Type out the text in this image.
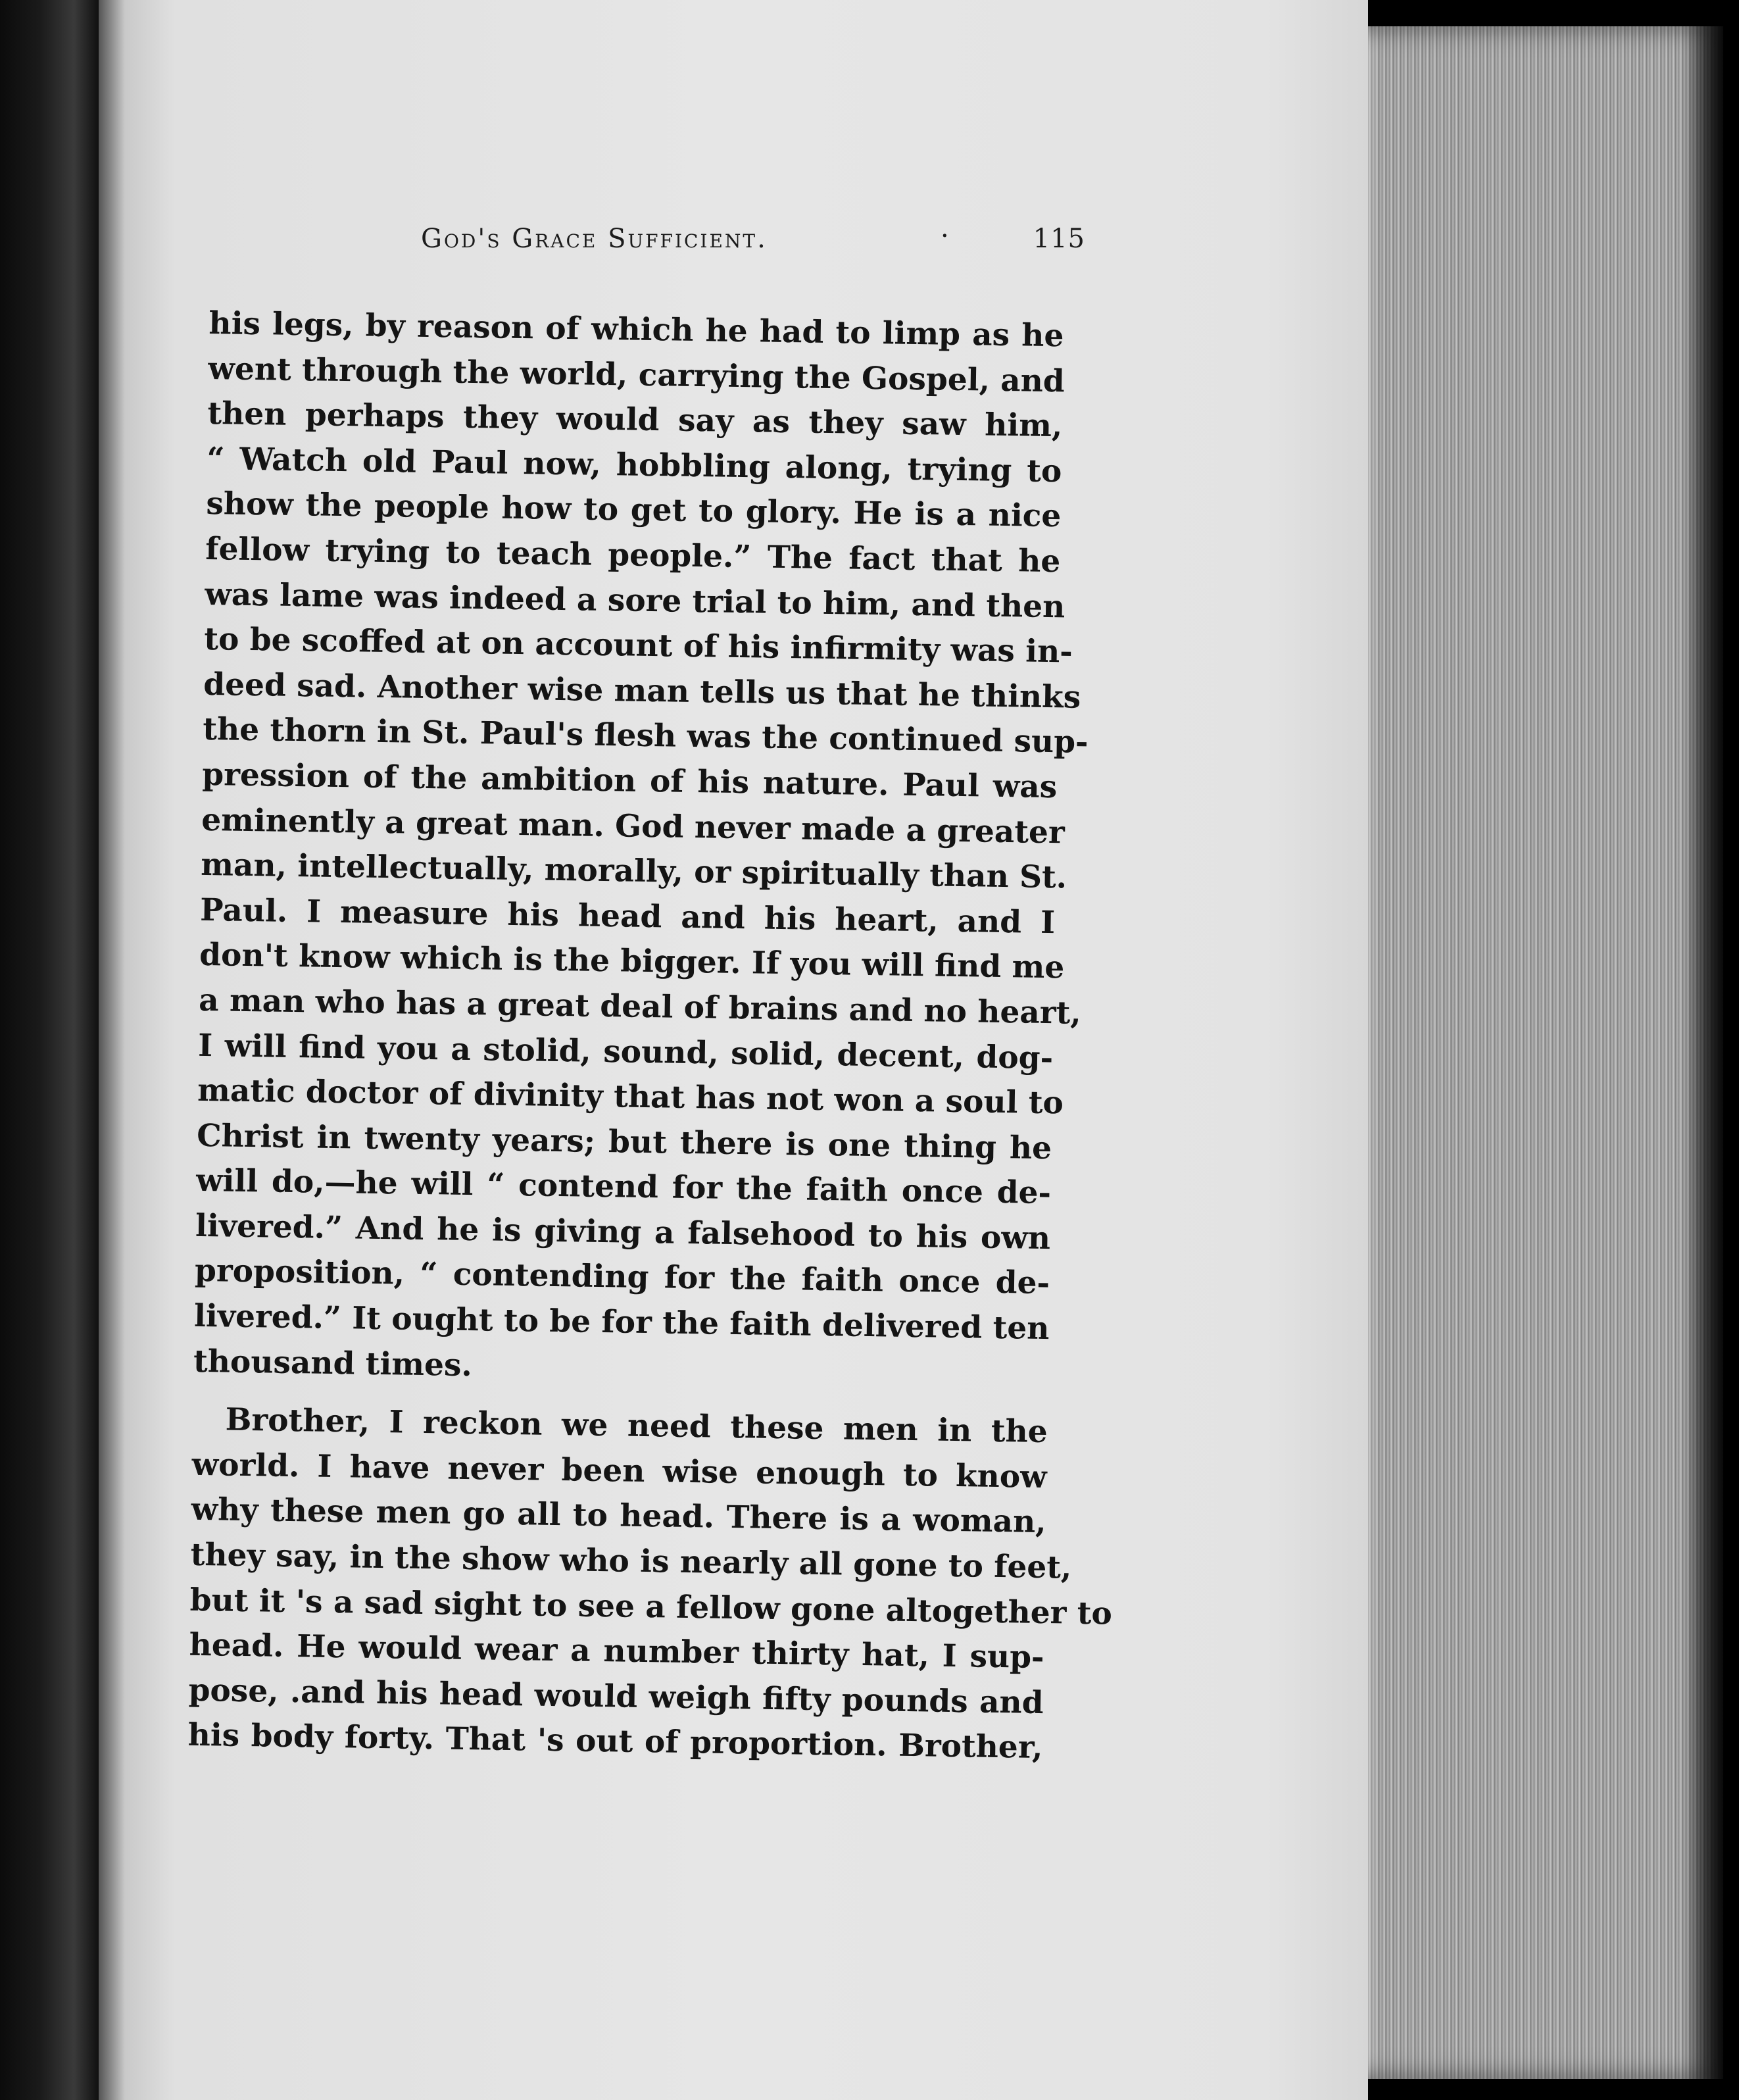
God's Grace Sufficient.	·	115
his legs, by reason of which he had to limp as he
went through the world, carrying the Gospel, and
then perhaps they would say as they saw him,
“ Watch old Paul now, hobbling along, trying to
show the people how to get to glory. He is a nice
fellow trying to teach people.” The fact that he
was lame was indeed a sore trial to him, and then
to be scoffed at on account of his infirmity was in-
deed sad. Another wise man tells us that he thinks
the thorn in St. Paul's flesh was the continued sup-
pression of the ambition of his nature. Paul was
eminently a great man. God never made a greater
man, intellectually, morally, or spiritually than St.
Paul. I measure his head and his heart, and I
don't know which is the bigger. If you will find me
a man who has a great deal of brains and no heart,
I will find you a stolid, sound, solid, decent, dog-
matic doctor of divinity that has not won a soul to
Christ in twenty years; but there is one thing he
will do,—he will “ contend for the faith once de-
livered.” And he is giving a falsehood to his own
proposition, “ contending for the faith once de-
livered.” It ought to be for the faith delivered ten
thousand times.
Brother, I reckon we need these men in the
world. I have never been wise enough to know
why these men go all to head. There is a woman,
they say, in the show who is nearly all gone to feet,
but it 's a sad sight to see a fellow gone altogether to
head. He would wear a number thirty hat, I sup-
pose, .and his head would weigh fifty pounds and
his body forty. That 's out of proportion. Brother,
